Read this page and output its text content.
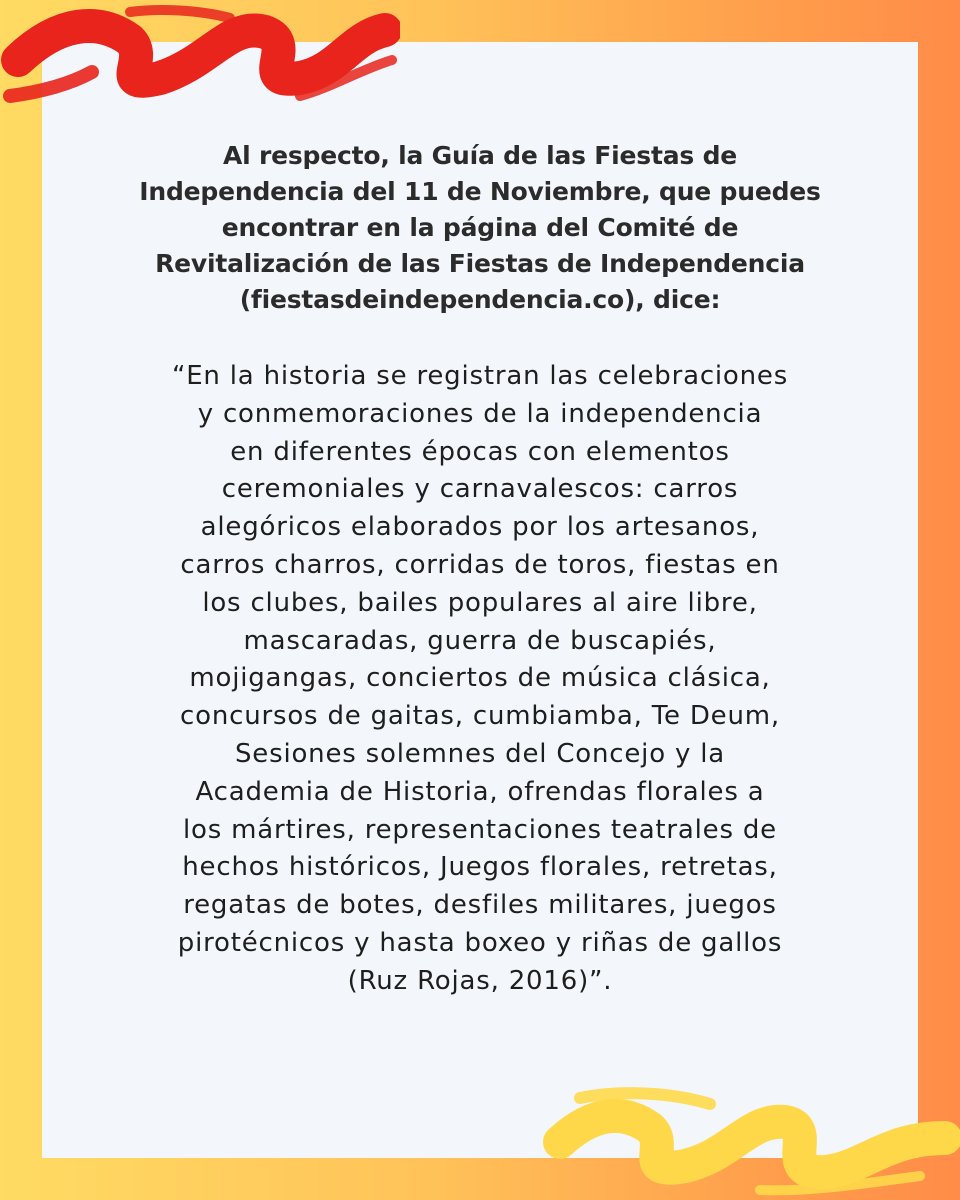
Al respecto, la Guía de las Fiestas de
Independencia del 11 de Noviembre, que puedes
encontrar en la página del Comité de
Revitalización de las Fiestas de Independencia
(fiestasdeindependencia.co), dice:

“En la historia se registran las celebraciones
y conmemoraciones de la independencia
en diferentes épocas con elementos
ceremoniales y carnavalescos: carros
alegóricos elaborados por los artesanos,
carros charros, corridas de toros, fiestas en
los clubes, bailes populares al aire libre,
mascaradas, guerra de buscapiés,
mojigangas, conciertos de música clásica,
concursos de gaitas, cumbiamba, Te Deum,
Sesiones solemnes del Concejo y la
Academia de Historia, ofrendas florales a
los mártires, representaciones teatrales de
hechos históricos, Juegos florales, retretas,
regatas de botes, desfiles militares, juegos
pirotécnicos y hasta boxeo y riñas de gallos
(Ruz Rojas, 2016)”.
